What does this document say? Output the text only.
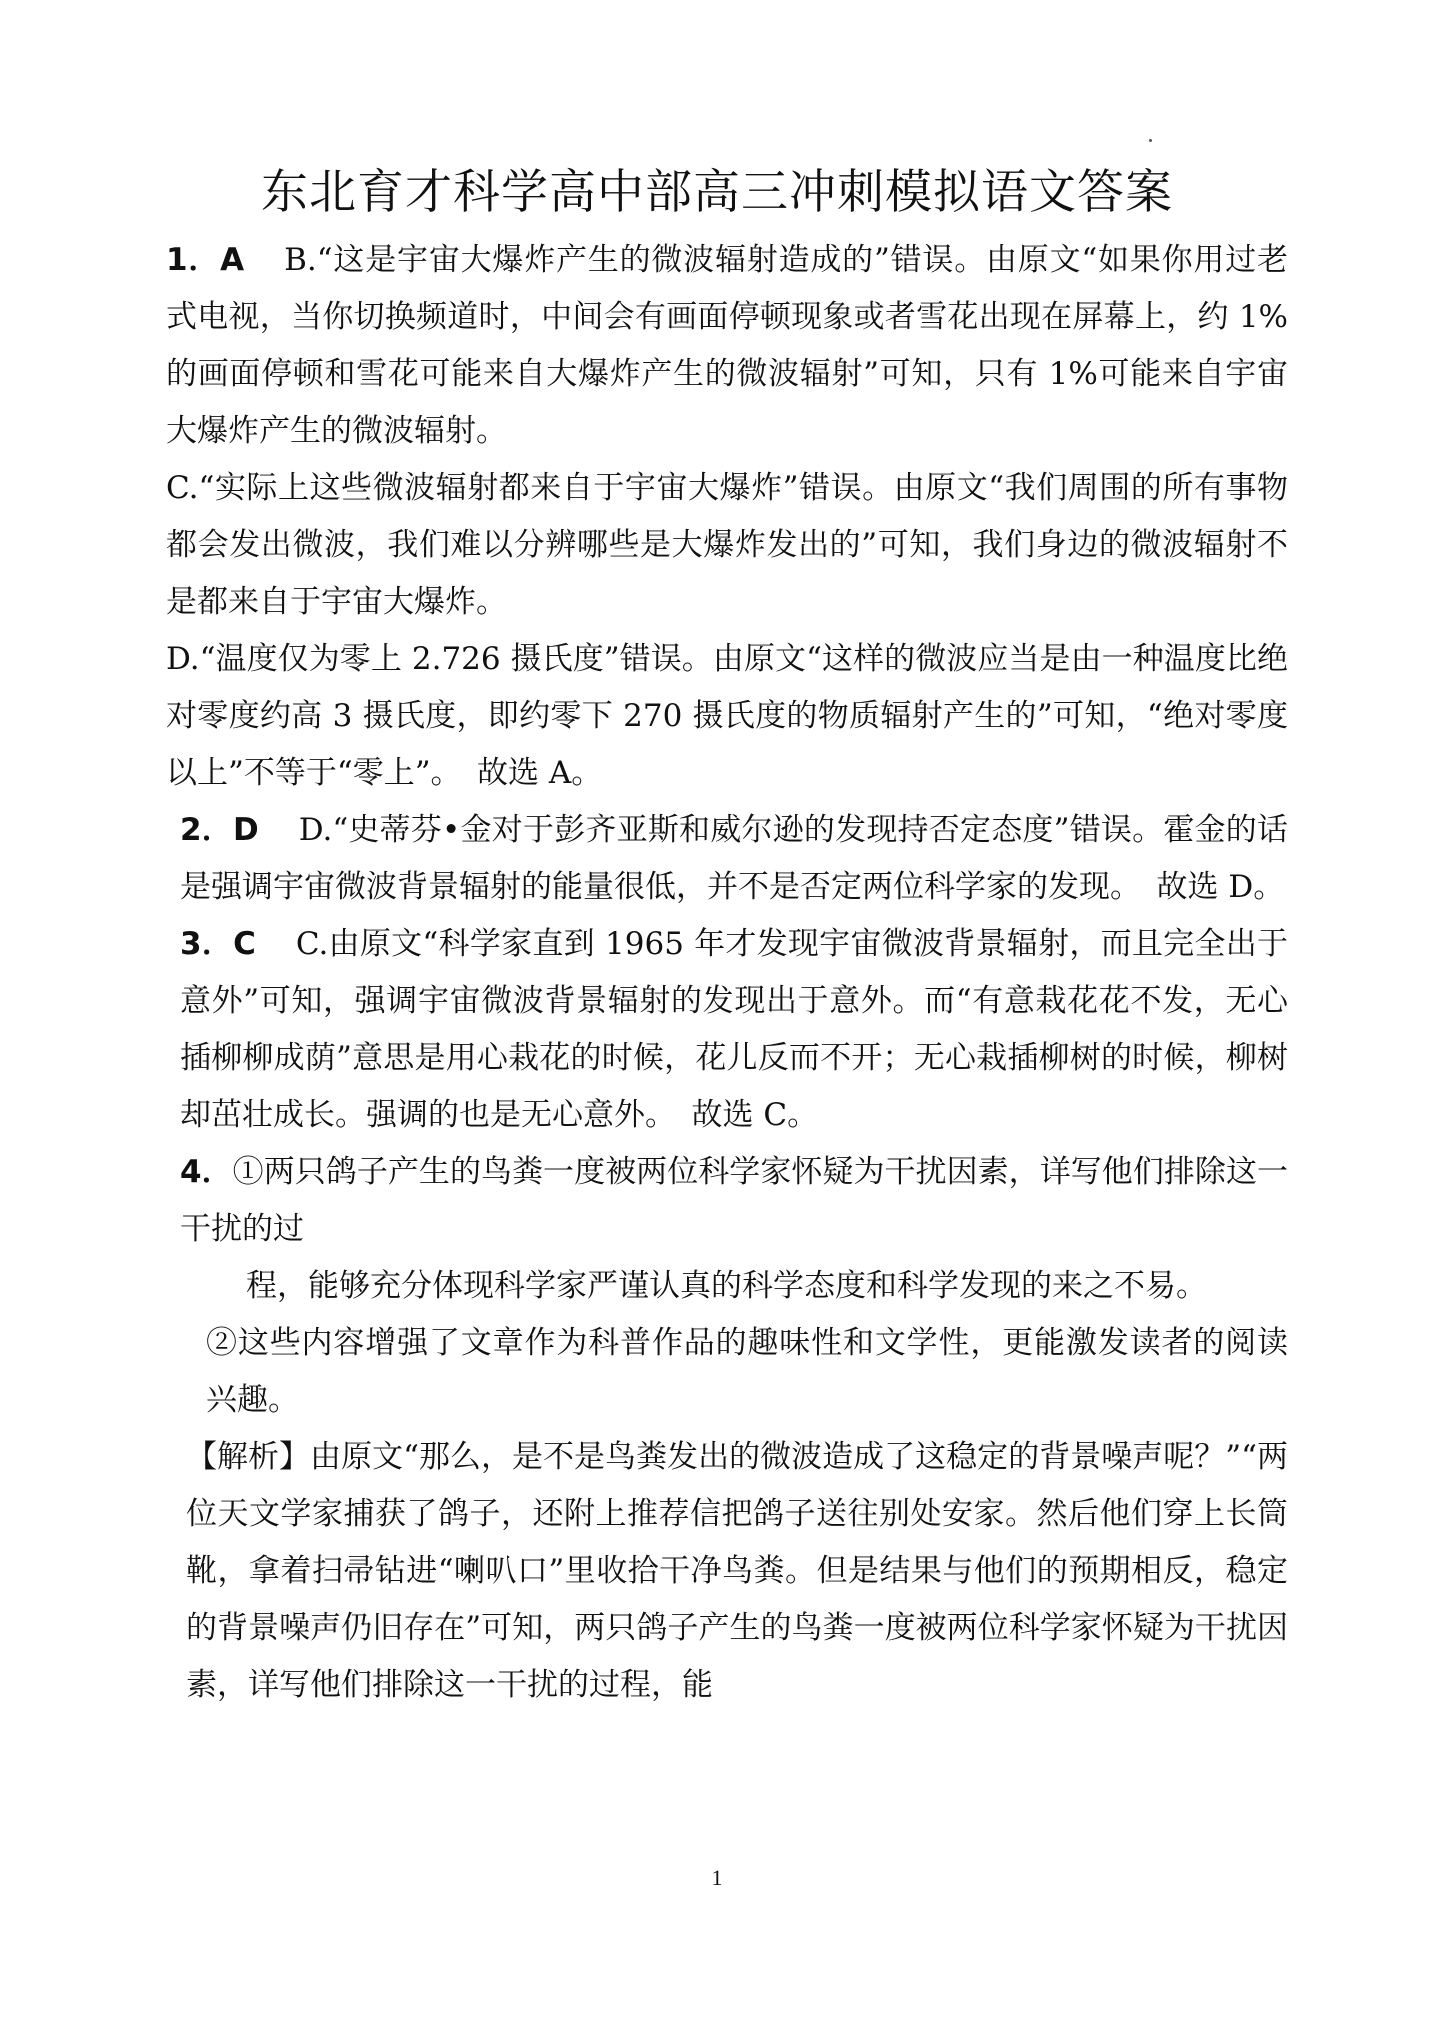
东北育才科学高中部高三冲刺模拟语文答案

1．A B.“这是宇宙大爆炸产生的微波辐射造成的”错误。由原文“如果你用过老式电视，当你切换频道时，中间会有画面停顿现象或者雪花出现在屏幕上，约 1%的画面停顿和雪花可能来自大爆炸产生的微波辐射”可知，只有 1%可能来自宇宙大爆炸产生的微波辐射。

C.“实际上这些微波辐射都来自于宇宙大爆炸”错误。由原文“我们周围的所有事物都会发出微波，我们难以分辨哪些是大爆炸发出的”可知，我们身边的微波辐射不是都来自于宇宙大爆炸。

D.“温度仅为零上 2.726 摄氏度”错误。由原文“这样的微波应当是由一种温度比绝对零度约高 3 摄氏度，即约零下 270 摄氏度的物质辐射产生的”可知，“绝对零度以上”不等于“零上”。　故选 A。

2．D D.“史蒂芬•金对于彭齐亚斯和威尔逊的发现持否定态度”错误。霍金的话是强调宇宙微波背景辐射的能量很低，并不是否定两位科学家的发现。　故选 D。

3．C C.由原文“科学家直到 1965 年才发现宇宙微波背景辐射，而且完全出于意外”可知，强调宇宙微波背景辐射的发现出于意外。而“有意栽花花不发，无心插柳柳成荫”意思是用心栽花的时候，花儿反而不开；无心栽插柳树的时候，柳树却茁壮成长。强调的也是无心意外。　故选 C。

4．①两只鸽子产生的鸟粪一度被两位科学家怀疑为干扰因素，详写他们排除这一干扰的过

程，能够充分体现科学家严谨认真的科学态度和科学发现的来之不易。

②这些内容增强了文章作为科普作品的趣味性和文学性，更能激发读者的阅读兴趣。

【解析】由原文“那么，是不是鸟粪发出的微波造成了这稳定的背景噪声呢？”“两位天文学家捕获了鸽子，还附上推荐信把鸽子送往别处安家。然后他们穿上长筒靴，拿着扫帚钻进“喇叭口”里收拾干净鸟粪。但是结果与他们的预期相反，稳定的背景噪声仍旧存在”可知，两只鸽子产生的鸟粪一度被两位科学家怀疑为干扰因素，详写他们排除这一干扰的过程，能

1
